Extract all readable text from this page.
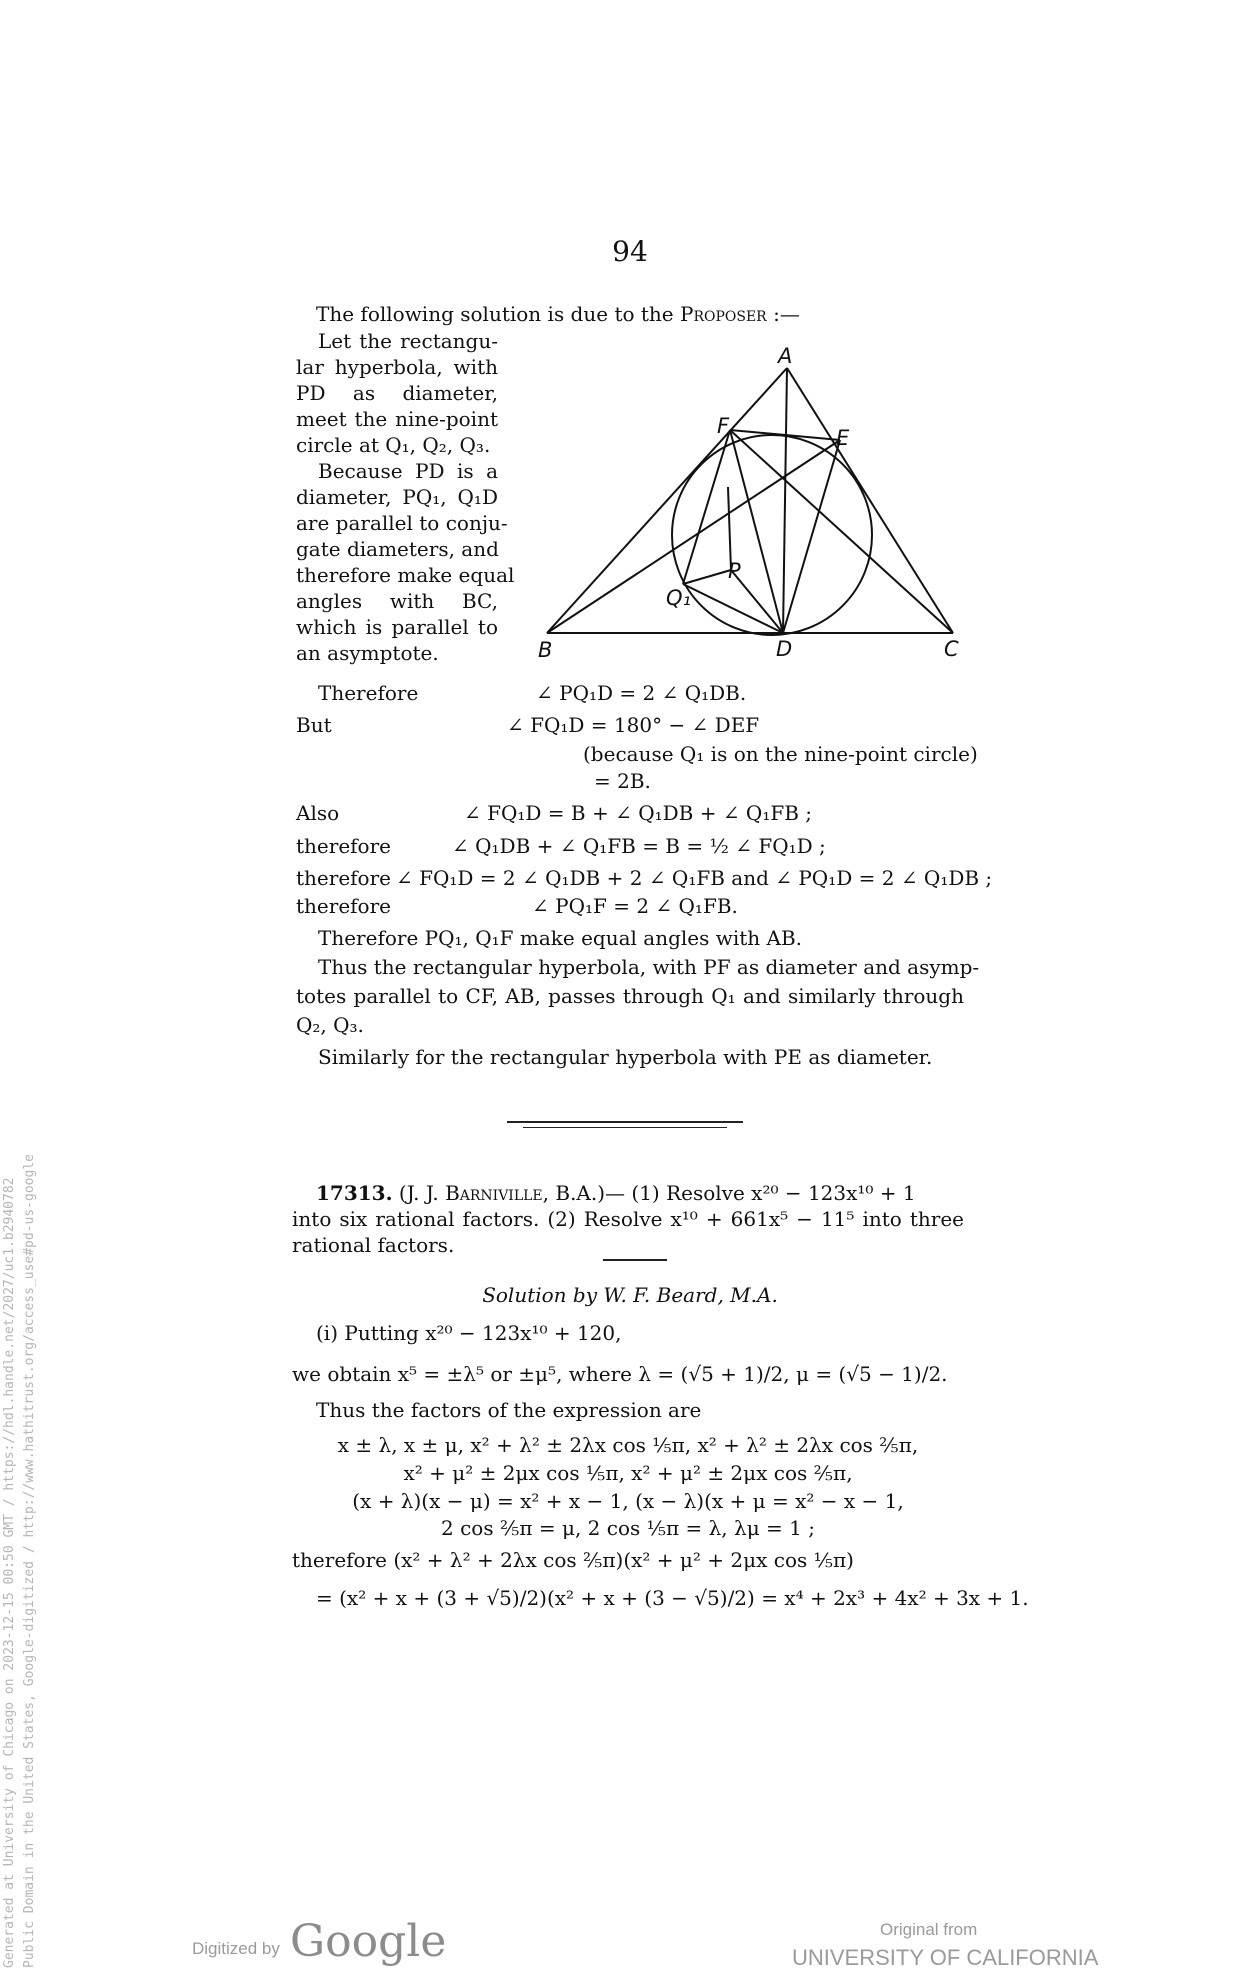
94
The following solution is due to the Proposer :—
Let the rectangu-
lar hyperbola, with
PD as diameter,
meet the nine-point
circle at Q₁, Q₂, Q₃.
Because PD is a
diameter, PQ₁, Q₁D
are parallel to conju-
gate diameters, and
therefore make equal
angles with BC,
which is parallel to
an asymptote.
A
B	C
D
E
F
P
Q₁
Therefore	∠ PQ₁D = 2 ∠ Q₁DB.
But	∠ FQ₁D = 180° − ∠ DEF
(because Q₁ is on the nine-point circle)
= 2B.
Also	∠ FQ₁D = B + ∠ Q₁DB + ∠ Q₁FB ;
therefore	∠ Q₁DB + ∠ Q₁FB = B = ½ ∠ FQ₁D ;
therefore ∠ FQ₁D = 2 ∠ Q₁DB + 2 ∠ Q₁FB and ∠ PQ₁D = 2 ∠ Q₁DB ;
therefore	∠ PQ₁F = 2 ∠ Q₁FB.
Therefore PQ₁, Q₁F make equal angles with AB.
Thus the rectangular hyperbola, with PF as diameter and asymp-
totes parallel to CF, AB, passes through Q₁ and similarly through
Q₂, Q₃.
Similarly for the rectangular hyperbola with PE as diameter.
17313. (J. J. Barniville, B.A.)— (1) Resolve x²⁰ − 123x¹⁰ + 1
into six rational factors. (2) Resolve x¹⁰ + 661x⁵ − 11⁵ into three
rational factors.
Solution by W. F. Beard, M.A.
(i) Putting x²⁰ − 123x¹⁰ + 120,
we obtain x⁵ = ±λ⁵ or ±μ⁵, where λ = (√5 + 1)/2, μ = (√5 − 1)/2.
Thus the factors of the expression are
x ± λ, x ± μ, x² + λ² ± 2λx cos ⅕π, x² + λ² ± 2λx cos ⅖π,
x² + μ² ± 2μx cos ⅕π, x² + μ² ± 2μx cos ⅖π,
(x + λ)(x − μ) = x² + x − 1, (x − λ)(x + μ = x² − x − 1,
2 cos ⅖π = μ, 2 cos ⅕π = λ, λμ = 1 ;
therefore (x² + λ² + 2λx cos ⅖π)(x² + μ² + 2μx cos ⅕π)
= (x² + x + (3 + √5)/2)(x² + x + (3 − √5)/2) = x⁴ + 2x³ + 4x² + 3x + 1.
Generated at University of Chicago on 2023-12-15 00:50 GMT / https://hdl.handle.net/2027/uc1.b2940782 Public Domain in the United States, Google-digitized / http://www.hathitrust.org/access_use#pd-us-google	Digitized by Google	Original from
UNIVERSITY OF CALIFORNIA
